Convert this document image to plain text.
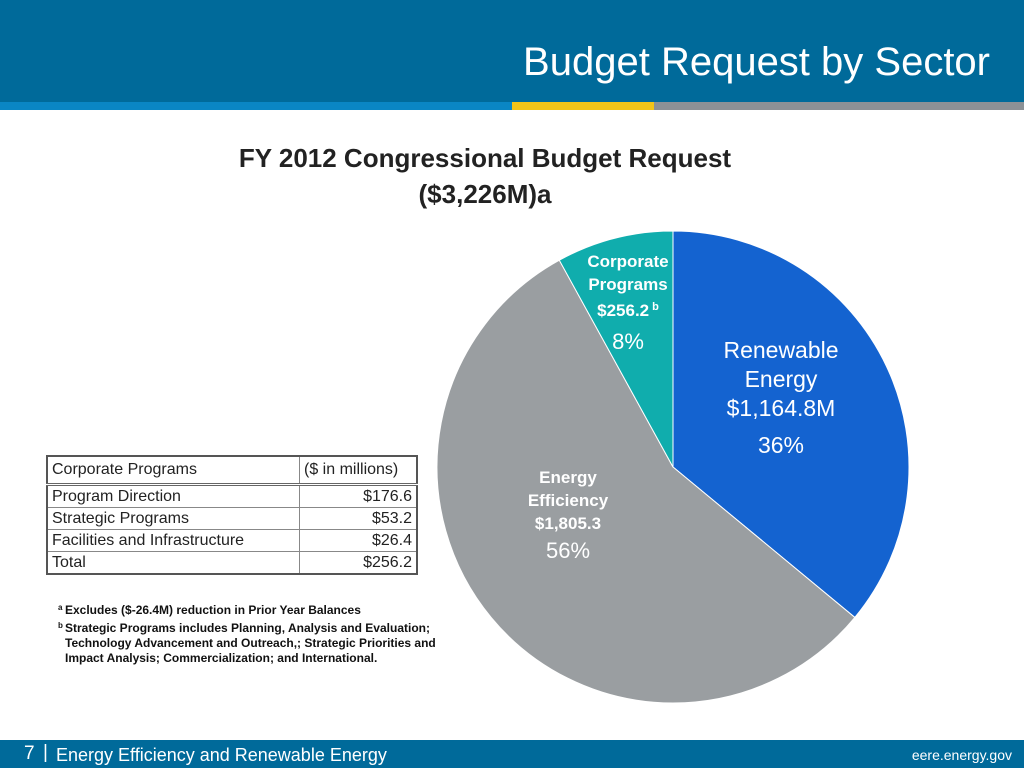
Budget Request by Sector
FY 2012 Congressional Budget Request
($3,226M)a
Renewable
Energy
$1,164.8M
36%
Energy
Efficiency
$1,805.3
56%
Corporate
Programs
$256.2 $^b$
8%
Corporate Programs	($ in millions)
Program Direction	$176.6
Strategic Programs	$53.2
Facilities and Infrastructure	$26.4
Total	$256.2
a Excludes ($-26.4M) reduction in Prior Year Balances
b Strategic Programs includes Planning, Analysis and Evaluation; Technology Advancement and Outreach,; Strategic Priorities and Impact Analysis; Commercialization; and International.
7 | Energy Efficiency and Renewable Energy	eere.energy.gov
